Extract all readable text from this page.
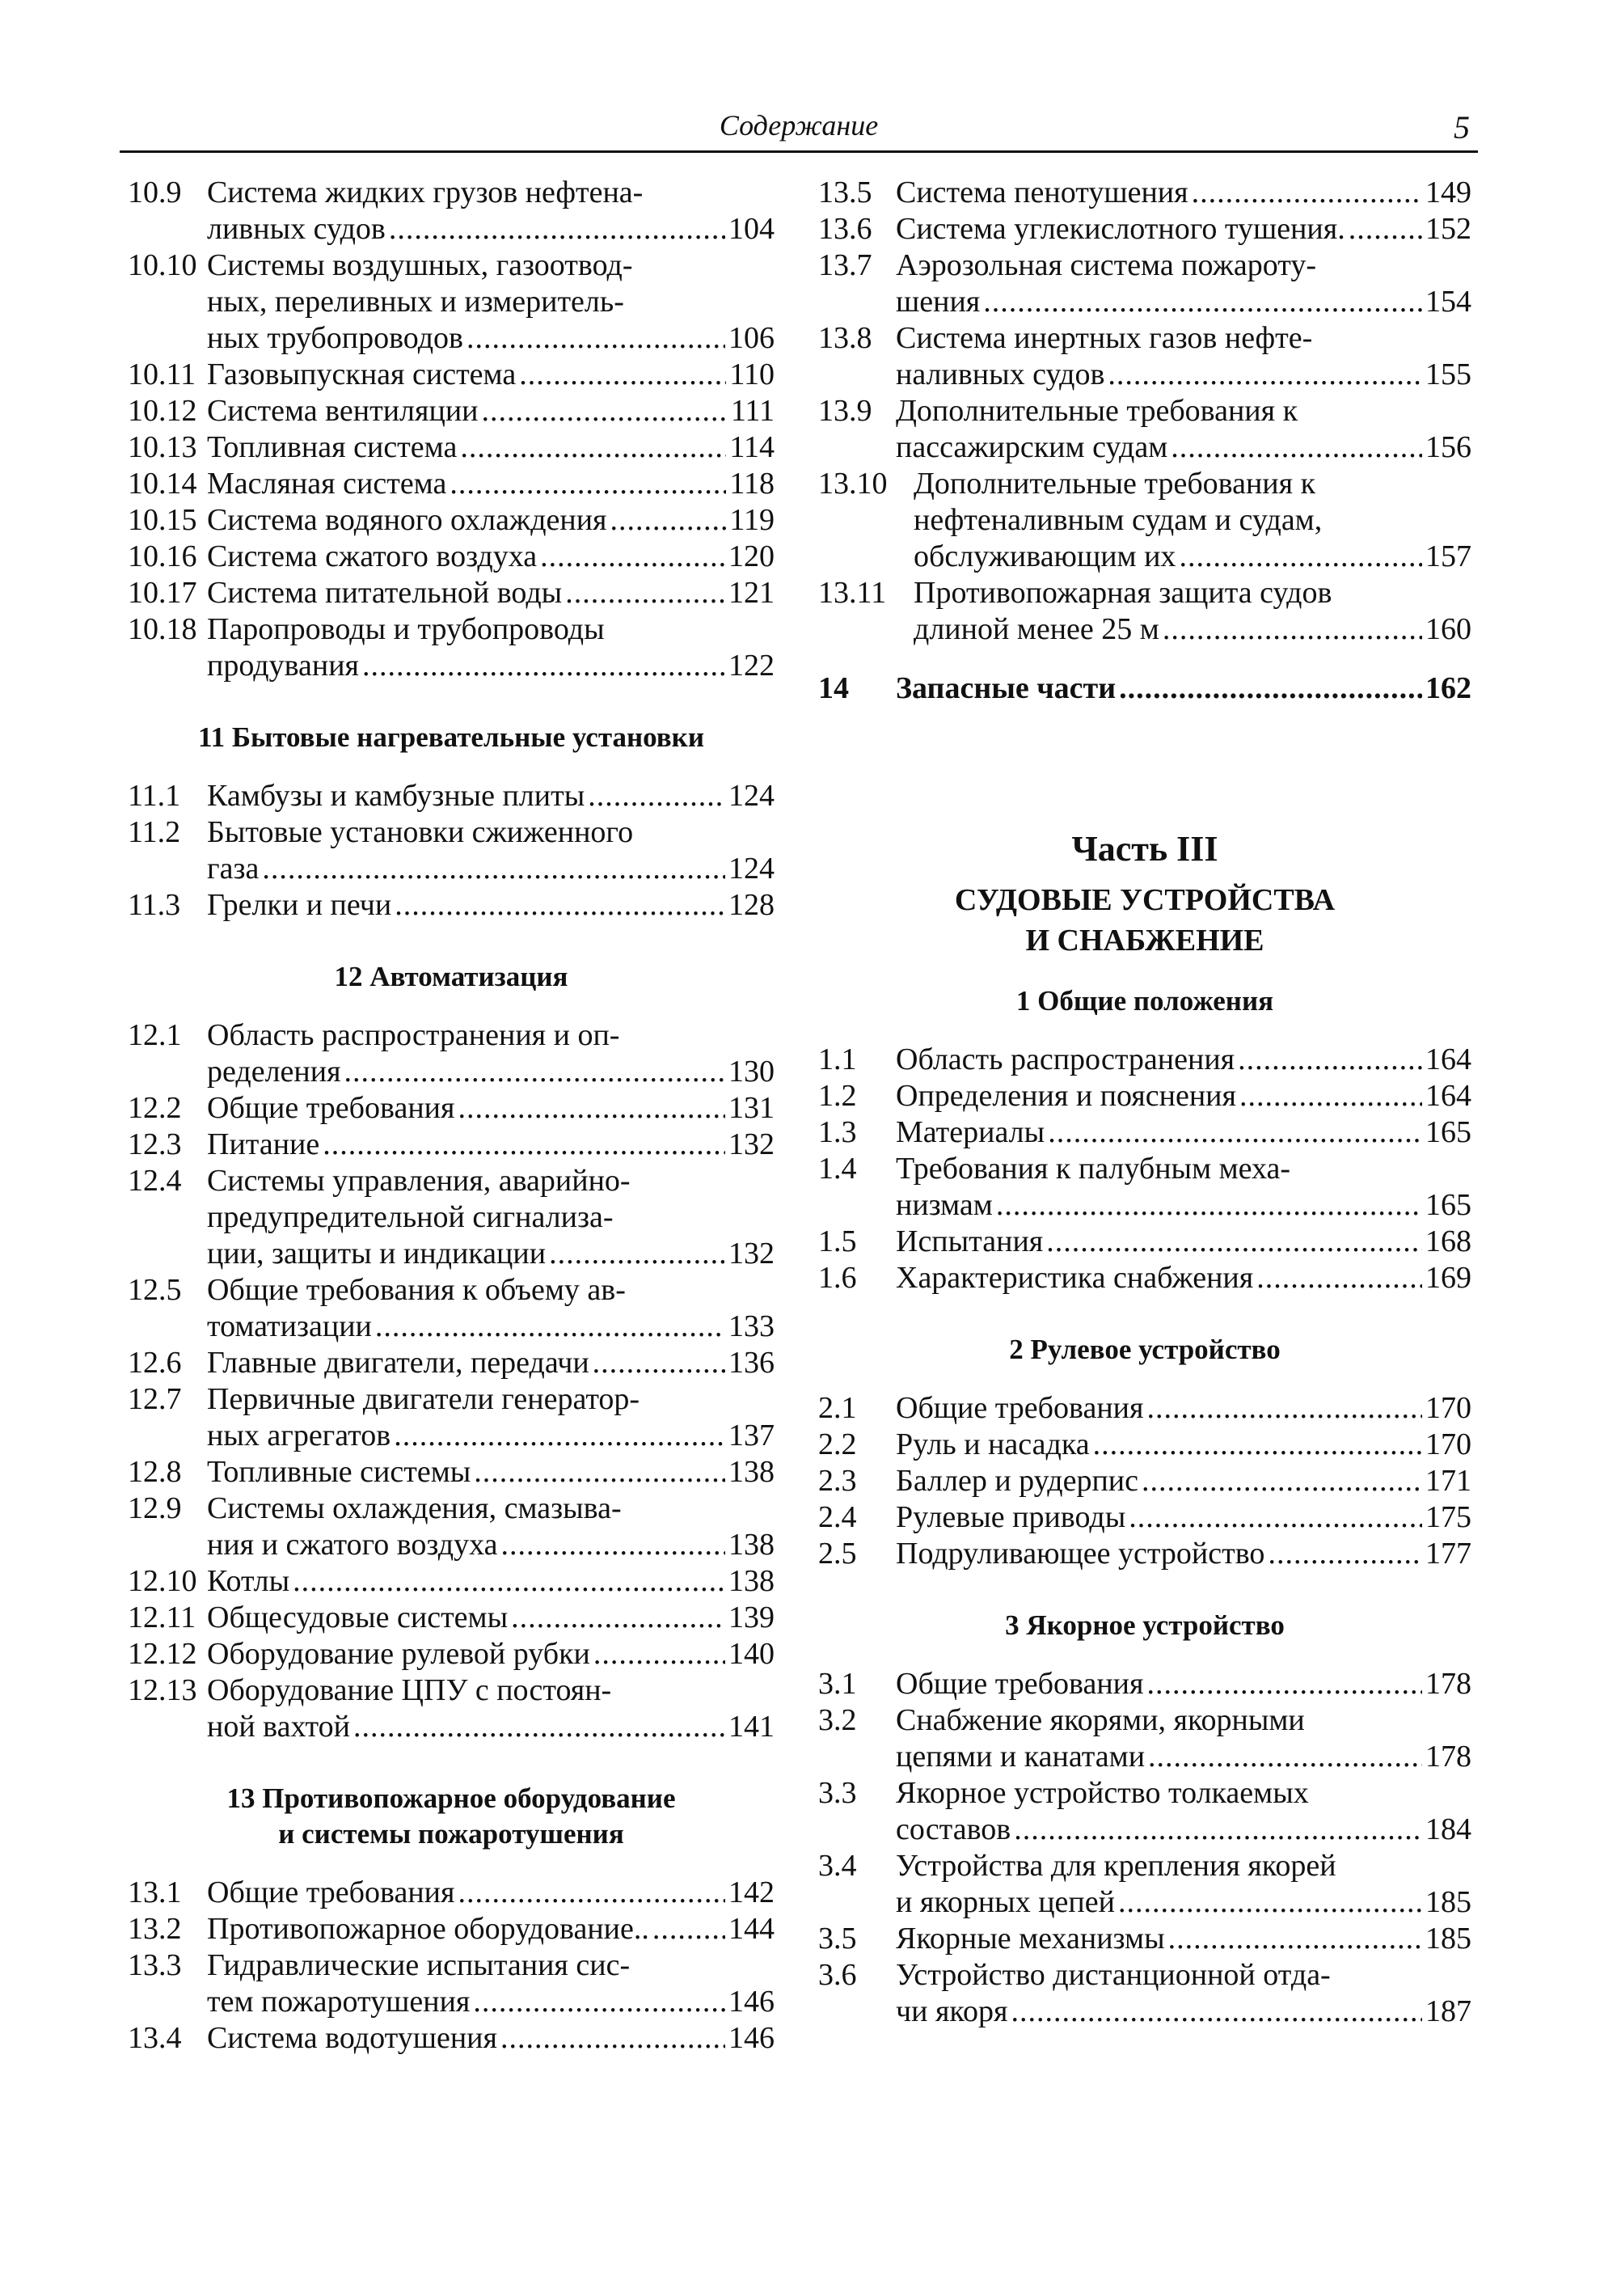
Содержание	5
10.9 Система жидких грузов нефтена-
ливных судов .....	104
10.10 Системы воздушных, газоотвод-
ных, переливных и измеритель-
ных трубопроводов .....	106
10.11 Газовыпускная система .....	110
10.12 Система вентиляции .....	111
10.13 Топливная система .....	114
10.14 Масляная система .....	118
10.15 Система водяного охлаждения .....	119
10.16 Система сжатого воздуха .....	120
10.17 Система питательной воды .....	121
10.18 Паропроводы и трубопроводы
продувания .....	122
11 Бытовые нагревательные установки
11.1 Камбузы и камбузные плиты .....	124
11.2 Бытовые установки сжиженного
газа .....	124
11.3 Грелки и печи .....	128
12 Автоматизация
12.1 Область распространения и оп-
ределения .....	130
12.2 Общие требования .....	131
12.3 Питание .....	132
12.4 Системы управления, аварийно-
предупредительной сигнализа-
ции, защиты и индикации .....	132
12.5 Общие требования к объему ав-
томатизации .....	133
12.6 Главные двигатели, передачи .....	136
12.7 Первичные двигатели генератор-
ных агрегатов .....	137
12.8 Топливные системы .....	138
12.9 Системы охлаждения, смазыва-
ния и сжатого воздуха .....	138
12.10 Котлы .....	138
12.11 Общесудовые системы .....	139
12.12 Оборудование рулевой рубки .....	140
12.13 Оборудование ЦПУ с постоян-
ной вахтой .....	141
13 Противопожарное оборудование
и системы пожаротушения
13.1 Общие требования .....	142
13.2 Противопожарное оборудование.. .....	144
13.3 Гидравлические испытания сис-
тем пожаротушения .....	146
13.4 Система водотушения .....	146
13.5 Система пенотушения .....	149
13.6 Система углекислотного тушения. .....	152
13.7 Аэрозольная система пожароту-
шения .....	154
13.8 Система инертных газов нефте-
наливных судов .....	155
13.9 Дополнительные требования к
пассажирским судам .....	156
13.10 Дополнительные требования к
нефтеналивным судам и судам,
обслуживающим их .....	157
13.11 Противопожарная защита судов
длиной менее 25 м .....	160
14	Запасные части .....	162
Часть III
СУДОВЫЕ УСТРОЙСТВА
И СНАБЖЕНИЕ
1 Общие положения
1.1	Область распространения .....	164
1.2	Определения и пояснения .....	164
1.3	Материалы .....	165
1.4	Требования к палубным меха-
низмам .....	165
1.5	Испытания .....	168
1.6	Характеристика снабжения .....	169
2 Рулевое устройство
2.1	Общие требования .....	170
2.2	Руль и насадка .....	170
2.3	Баллер и рудерпис .....	171
2.4	Рулевые приводы .....	175
2.5	Подруливающее устройство .....	177
3 Якорное устройство
3.1	Общие требования .....	178
3.2	Снабжение якорями, якорными
цепями и канатами .....	178
3.3	Якорное устройство толкаемых
составов .....	184
3.4	Устройства для крепления якорей
и якорных цепей .....	185
3.5	Якорные механизмы .....	185
3.6	Устройство дистанционной отда-
чи якоря .....	187
